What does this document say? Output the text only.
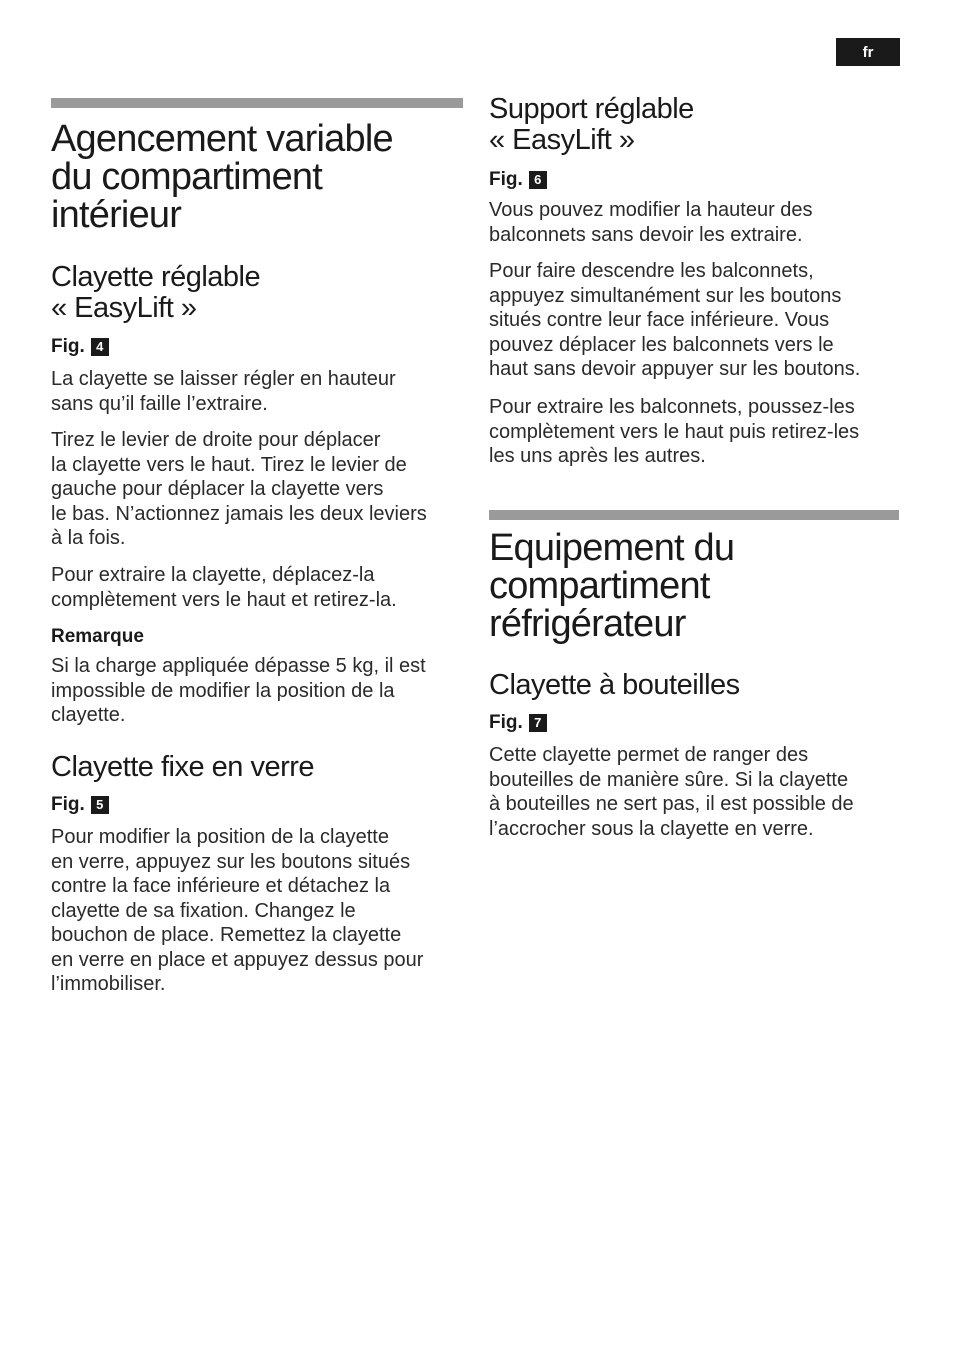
fr
Agencement variable
du compartiment
intérieur
Clayette réglable
« EasyLift »
Fig. 4

La clayette se laisser régler en hauteur
sans qu’il faille l’extraire.

Tirez le levier de droite pour déplacer
la clayette vers le haut. Tirez le levier de
gauche pour déplacer la clayette vers
le bas. N’actionnez jamais les deux leviers
à la fois.

Pour extraire la clayette, déplacez-la
complètement vers le haut et retirez-la.

Remarque

Si la charge appliquée dépasse 5 kg, il est
impossible de modifier la position de la
clayette.

Clayette fixe en verre
Fig. 5

Pour modifier la position de la clayette
en verre, appuyez sur les boutons situés
contre la face inférieure et détachez la
clayette de sa fixation. Changez le
bouchon de place. Remettez la clayette
en verre en place et appuyez dessus pour
l’immobiliser.

Support réglable
« EasyLift »
Fig. 6

Vous pouvez modifier la hauteur des
balconnets sans devoir les extraire.

Pour faire descendre les balconnets,
appuyez simultanément sur les boutons
situés contre leur face inférieure. Vous
pouvez déplacer les balconnets vers le
haut sans devoir appuyer sur les boutons.

Pour extraire les balconnets, poussez-les
complètement vers le haut puis retirez-les
les uns après les autres.

Equipement du
compartiment
réfrigérateur
Clayette à bouteilles
Fig. 7

Cette clayette permet de ranger des
bouteilles de manière sûre. Si la clayette
à bouteilles ne sert pas, il est possible de
l’accrocher sous la clayette en verre.
